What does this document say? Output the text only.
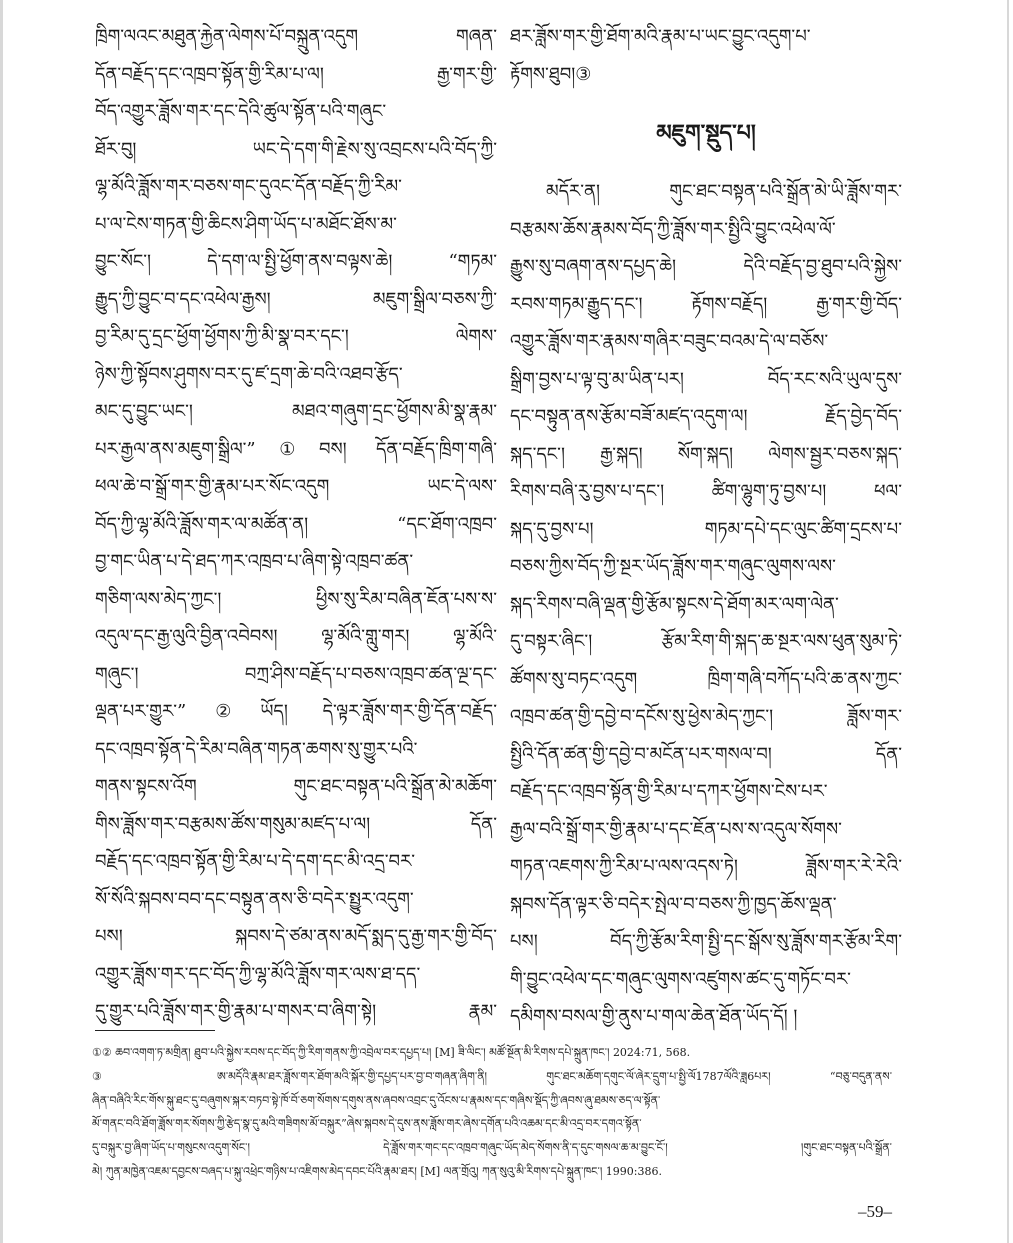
ཁྲིག་ལའང་མཐུན་རྐྱེན་ལེགས་པོ་བསྐྲུན་འདུག གཞན་
དོན་བརྗོད་དང་འཁྲབ་སྟོན་གྱི་རིམ་པ་ལ། རྒྱ་གར་གྱི་
བོད་འགྱུར་ཟློས་གར་དང་དེའི་ཚུལ་སྟོན་པའི་གཞུང་
ཐོར་བུ། ཡང་དེ་དག་གི་རྗེས་སུ་འབྲངས་པའི་བོད་ཀྱི་
ལྷ་མོའི་ཟློས་གར་བཅས་གང་དུའང་དོན་བརྗོད་ཀྱི་རིམ་
པ་ལ་ངེས་གཏན་གྱི་ཆིངས་ཤིག་ཡོད་པ་མཐོང་ཐོས་མ་
བྱུང་སོང་། དེ་དག་ལ་སྤྱི་ཕྱོག་ནས་བལྟས་ཆེ། “གཏམ་
རྒྱུད་ཀྱི་བྱུང་བ་དང་འཕེལ་རྒྱས། མཇུག་སྒྲིལ་བཅས་ཀྱི་
བྱ་རིམ་དུ་དྲང་ཕྱོག་ཕྱོགས་ཀྱི་མི་སྣ་བར་དང་། ལེགས་
ཉེས་ཀྱི་སྟོབས་ཤུགས་བར་དུ་ཛ་དྲག་ཆེ་བའི་འཐབ་རྩོད་
མང་དུ་བྱུང་ཡང་། མཐའ་གཞུག་དྲང་ཕྱོགས་མི་སྣ་རྣམ་
པར་རྒྱལ་ནས་མཇུག་སྒྲིལ་”①བས། དོན་བརྗོད་ཁྲིག་གཞི་
ཕལ་ཆེ་བ་སྒྲོ་གར་གྱི་རྣམ་པར་སོང་འདུག ཡང་དེ་ལས་
བོད་ཀྱི་ལྷ་མོའི་ཟློས་གར་ལ་མཚོན་ན། “དང་ཐོག་འཁྲབ་
བྱ་གང་ཡིན་པ་དེ་ཐད་ཀར་འཁྲབ་པ་ཞིག་སྟེ་འཁྲབ་ཚན་
གཅིག་ལས་མེད་ཀྱང་། ཕྱིས་སུ་རིམ་བཞིན་ཇོན་པས་ས་
འདུལ་དང་རྒྱ་ལུའི་བྱིན་འབེབས། ལྷ་མོའི་གླུ་གར། ལྷ་མོའི་
གཞུང་། བཀྲ་ཤིས་བརྗོད་པ་བཅས་འཁྲབ་ཚན་ལྔ་དང་
ལྡན་པར་གྱུར་”②ཡོད། དེ་ལྟར་ཟློས་གར་གྱི་དོན་བརྗོད་
དང་འཁྲབ་སྟོན་དེ་རིམ་བཞིན་གཏན་ཆགས་སུ་གྱུར་པའི་
གནས་སྟངས་འོག གུང་ཐང་བསྟན་པའི་སྒྲོན་མེ་མཆོག་
གིས་ཟློས་གར་བརྩམས་ཚོས་གསུམ་མཛད་པ་ལ། དོན་
བརྗོད་དང་འཁྲབ་སྟོན་གྱི་རིམ་པ་དེ་དག་དང་མི་འདྲ་བར་
སོ་སོའི་སྐབས་བབ་དང་བསྟུན་ནས་ཅི་བདེར་སྤྱུར་འདུག་
པས། སྐབས་དེ་ཙམ་ནས་མདོ་སྨད་དུ་རྒྱ་གར་གྱི་བོད་
འགྱུར་ཟློས་གར་དང་བོད་ཀྱི་ལྷ་མོའི་ཟློས་གར་ལས་ཐ་དད་
དུ་གྱུར་པའི་ཟློས་གར་གྱི་རྣམ་པ་གསར་བ་ཞིག་སྟེ། རྣམ་
ཐར་ཟློས་གར་གྱི་ཐོག་མའི་རྣམ་པ་ཡང་བྱུང་འདུག་པ་
རྟོགས་ཐུབ།③
མཇུག་སྡུད་པ།
མདོར་ན། གུང་ཐང་བསྟན་པའི་སྒྲོན་མེ་ཡི་ཟློས་གར་
བརྩམས་ཆོས་རྣམས་བོད་ཀྱི་ཟློས་གར་སྤྱིའི་བྱུང་འཕེལ་ལོ་
རྒྱུས་སུ་བཞག་ནས་དཔྱད་ཆེ། དེའི་བརྗོད་བྱ་ཐུབ་པའི་སྐྱེས་
རབས་གཏམ་རྒྱུད་དང་། རྟོགས་བརྗོད། རྒྱ་གར་གྱི་བོད་
འགྱུར་ཟློས་གར་རྣམས་གཞིར་བཟུང་བའམ་དེ་ལ་བཅོས་
སྒྲིག་བྱས་པ་ལྟ་བུ་མ་ཡིན་པར། བོད་རང་སའི་ཡུལ་དུས་
དང་བསྟུན་ནས་རྩོམ་བཟོ་མཛད་འདུག་ལ། རྗོད་བྱེད་བོད་
སྐད་དང་། རྒྱ་སྐད། སོག་སྐད། ལེགས་སྦྱར་བཅས་སྐད་
རིགས་བཞི་རུ་བྱས་པ་དང་། ཚིག་ལྷུག་ཏུ་བྱས་པ། ཕལ་
སྐད་དུ་བྱས་པ། གཏམ་དཔེ་དང་ལུང་ཚིག་དྲངས་པ་
བཅས་ཀྱིས་བོད་ཀྱི་སྔར་ཡོད་ཟློས་གར་གཞུང་ལུགས་ལས་
སྐད་རིགས་བཞི་ལྡན་གྱི་རྩོམ་སྟངས་དེ་ཐོག་མར་ལག་ལེན་
དུ་བསྟར་ཞིང་། རྩོམ་རིག་གི་སྐད་ཆ་སྔར་ལས་ཕུན་སུམ་ཏེ་
ཚོགས་སུ་བཏང་འདུག ཁྲིག་གཞི་བཀོད་པའི་ཆ་ནས་ཀྱང་
འཁྲབ་ཚན་གྱི་དབྱེ་བ་དངོས་སུ་ཕྱེས་མེད་ཀྱང་། ཟློས་གར་
སྤྱིའི་དོན་ཚན་གྱི་དབྱེ་བ་མངོན་པར་གསལ་བ། དོན་
བརྗོད་དང་འཁྲབ་སྟོན་གྱི་རིམ་པ་དཀར་ཕྱོགས་ངེས་པར་
རྒྱལ་བའི་སྒྲོ་གར་གྱི་རྣམ་པ་དང་ཇོན་པས་ས་འདུལ་སོགས་
གཏན་འཇགས་ཀྱི་རིམ་པ་ལས་འདས་ཏེ། ཟློས་གར་རེ་རེའི་
སྐབས་དོན་ལྟར་ཅི་བདེར་སྤེལ་བ་བཅས་ཀྱི་ཁྱད་ཆོས་ལྡན་
པས། བོད་ཀྱི་རྩོམ་རིག་སྤྱི་དང་སྒོས་སུ་ཟློས་གར་རྩོམ་རིག་
གི་བྱུང་འཕེལ་དང་གཞུང་ལུགས་འཛུགས་ཚང་དུ་གཏོང་བར་
དམིགས་བསལ་གྱི་ནུས་པ་གལ་ཆེན་ཐོན་ཡོད་དོ། །
①② ཆབ་འགག་ཏ་མགྲིན། ཐུབ་པའི་སྐྱེས་རབས་དང་བོད་ཀྱི་རིག་གནས་ཀྱི་འབྲེལ་བར་དཔྱད་པ། [M] ཟི་ལིང་། མཚོ་སྔོན་མི་རིགས་དཔེ་སྐྲུན་ཁང་། 2024:71, 568.
③ ཨ་མདོའི་རྣམ་ཐར་ཟློས་གར་ཐོག་མའི་སྐོར་གྱི་དཔྱད་པར་བྱ་བ་གཞན་ཞིག་ནི། གུང་ཐང་མཆོག་དགུང་ལོ་ཞེར་དྲུག་པ་སྤྱི་ལོ1787ལོའི་ཟླ6པར། “བཅུ་བདུན་ནས་
ཞིན་བཞིའི་རིང་གོས་སྐུ་ཐང་དུ་བཞུགས་སྐར་བཏབ་སྟེ་ཁོ་བོ་ཅག་སོགས་དགུས་ནས་ཞབས་འབྲང་དུ་འོངས་པ་རྣམས་དང་གཞིས་སྡོད་ཀྱི་ཞབས་ཞུ་ཐམས་ཅད་ལ་སྟོན་
མོ་གནང་བའི་ཐོག་ཟློས་གར་སོགས་ཀྱི་རྩེད་སྣ་དུ་མའི་གཟིགས་མོ་བསྐུར”ཞེས་སྐབས་དེ་དུས་ནས་ཟློས་གར་ཞེས་དགོན་པའི་འཆམ་དང་མི་འདྲ་བར་དགའ་སྟོན་
དུ་བསྐུར་བྱ་ཞིག་ཡོད་པ་གསུངས་འདུག་སོང་། དེ་ཟློས་གར་གང་དང་འཁྲབ་གཞུང་ཡོད་མེད་སོགས་ནི་ད་དུང་གསལ་ཆ་མ་བྱུང་ངོ་། །གུང་ཐང་བསྟན་པའི་སྒྲོན་
མེ། ཀུན་མཁྱེན་འཇམ་དབྱངས་བཞད་པ་སྐུ་འཕྲེང་གཉིས་པ་འཇིགས་མེད་དབང་པོའི་རྣམ་ཐར། [M] ལན་གྲོའུ། ཀན་སུའུ་མི་རིགས་དཔེ་སྐྲུན་ཁང་། 1990:386.
–59–
